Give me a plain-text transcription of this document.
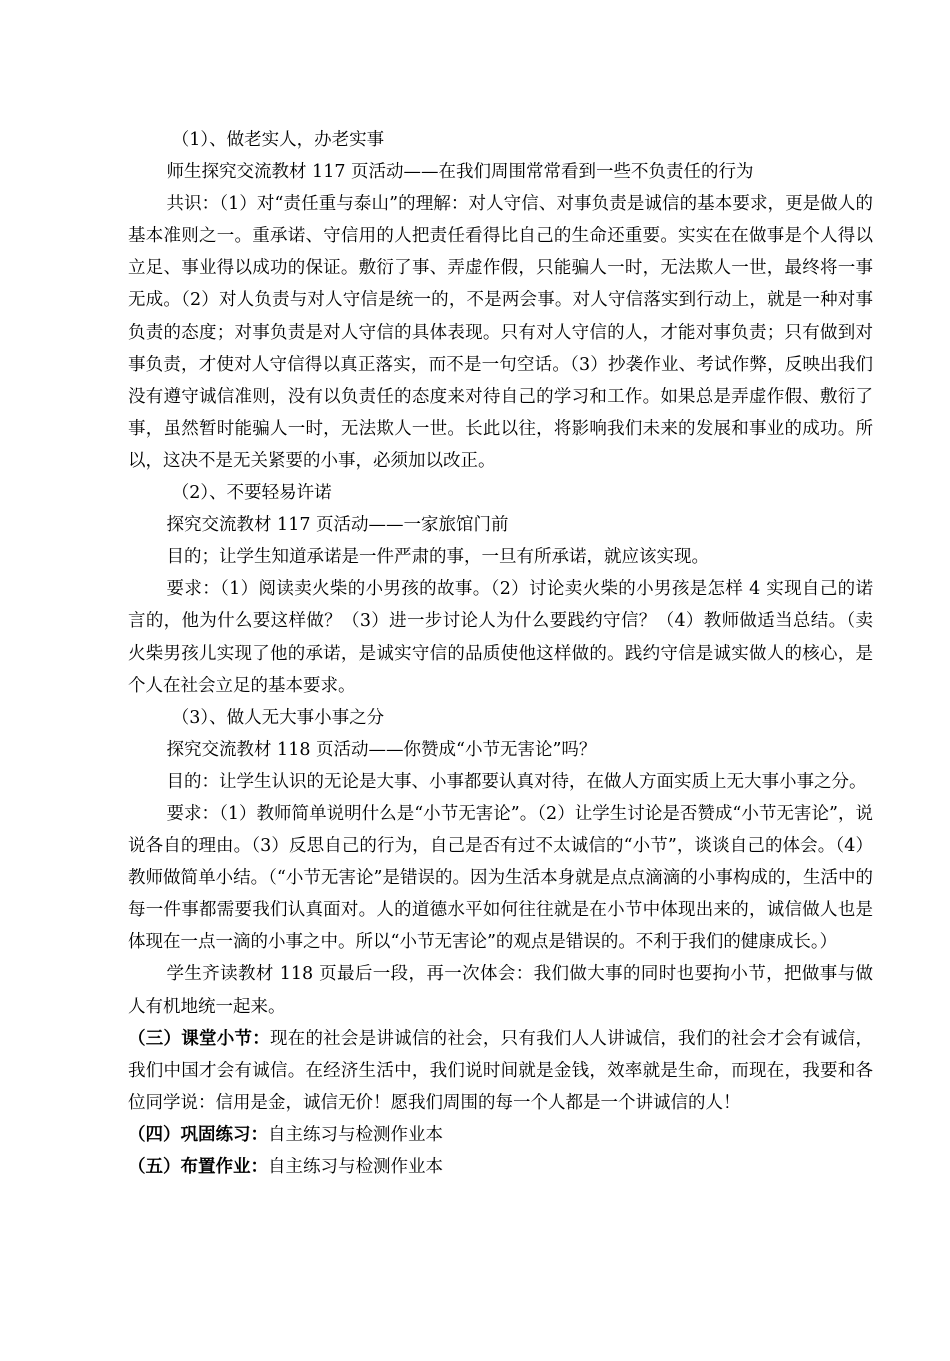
（1）、做老实人，办老实事

师生探究交流教材 117 页活动——在我们周围常常看到一些不负责任的行为

共识：（1）对“责任重与泰山”的理解：对人守信、对事负责是诚信的基本要求，更是做人的基本准则之一。重承诺、守信用的人把责任看得比自己的生命还重要。实实在在做事是个人得以立足、事业得以成功的保证。敷衍了事、弄虚作假，只能骗人一时，无法欺人一世，最终将一事无成。（2）对人负责与对人守信是统一的，不是两会事。对人守信落实到行动上，就是一种对事负责的态度；对事负责是对人守信的具体表现。只有对人守信的人，才能对事负责；只有做到对事负责，才使对人守信得以真正落实，而不是一句空话。（3）抄袭作业、考试作弊，反映出我们没有遵守诚信准则，没有以负责任的态度来对待自己的学习和工作。如果总是弄虚作假、敷衍了事，虽然暂时能骗人一时，无法欺人一世。长此以往，将影响我们未来的发展和事业的成功。所以，这决不是无关紧要的小事，必须加以改正。

（2）、不要轻易许诺

探究交流教材 117 页活动——一家旅馆门前

目的；让学生知道承诺是一件严肃的事，一旦有所承诺，就应该实现。

要求：（1）阅读卖火柴的小男孩的故事。（2）讨论卖火柴的小男孩是怎样 4 实现自己的诺言的，他为什么要这样做？（3）进一步讨论人为什么要践约守信？（4）教师做适当总结。（卖火柴男孩儿实现了他的承诺，是诚实守信的品质使他这样做的。践约守信是诚实做人的核心，是个人在社会立足的基本要求。

（3）、做人无大事小事之分

探究交流教材 118 页活动——你赞成“小节无害论”吗？

目的：让学生认识的无论是大事、小事都要认真对待，在做人方面实质上无大事小事之分。

要求：（1）教师简单说明什么是“小节无害论”。（2）让学生讨论是否赞成“小节无害论”，说说各自的理由。（3）反思自己的行为，自己是否有过不太诚信的“小节”，谈谈自己的体会。（4）教师做简单小结。（“小节无害论”是错误的。因为生活本身就是点点滴滴的小事构成的，生活中的每一件事都需要我们认真面对。人的道德水平如何往往就是在小节中体现出来的，诚信做人也是体现在一点一滴的小事之中。所以“小节无害论”的观点是错误的。不利于我们的健康成长。）

学生齐读教材 118 页最后一段，再一次体会：我们做大事的同时也要拘小节，把做事与做人有机地统一起来。

（三）课堂小节：现在的社会是讲诚信的社会，只有我们人人讲诚信，我们的社会才会有诚信，我们中国才会有诚信。在经济生活中，我们说时间就是金钱，效率就是生命，而现在，我要和各位同学说：信用是金，诚信无价！愿我们周围的每一个人都是一个讲诚信的人！

（四）巩固练习：自主练习与检测作业本

（五）布置作业：自主练习与检测作业本
